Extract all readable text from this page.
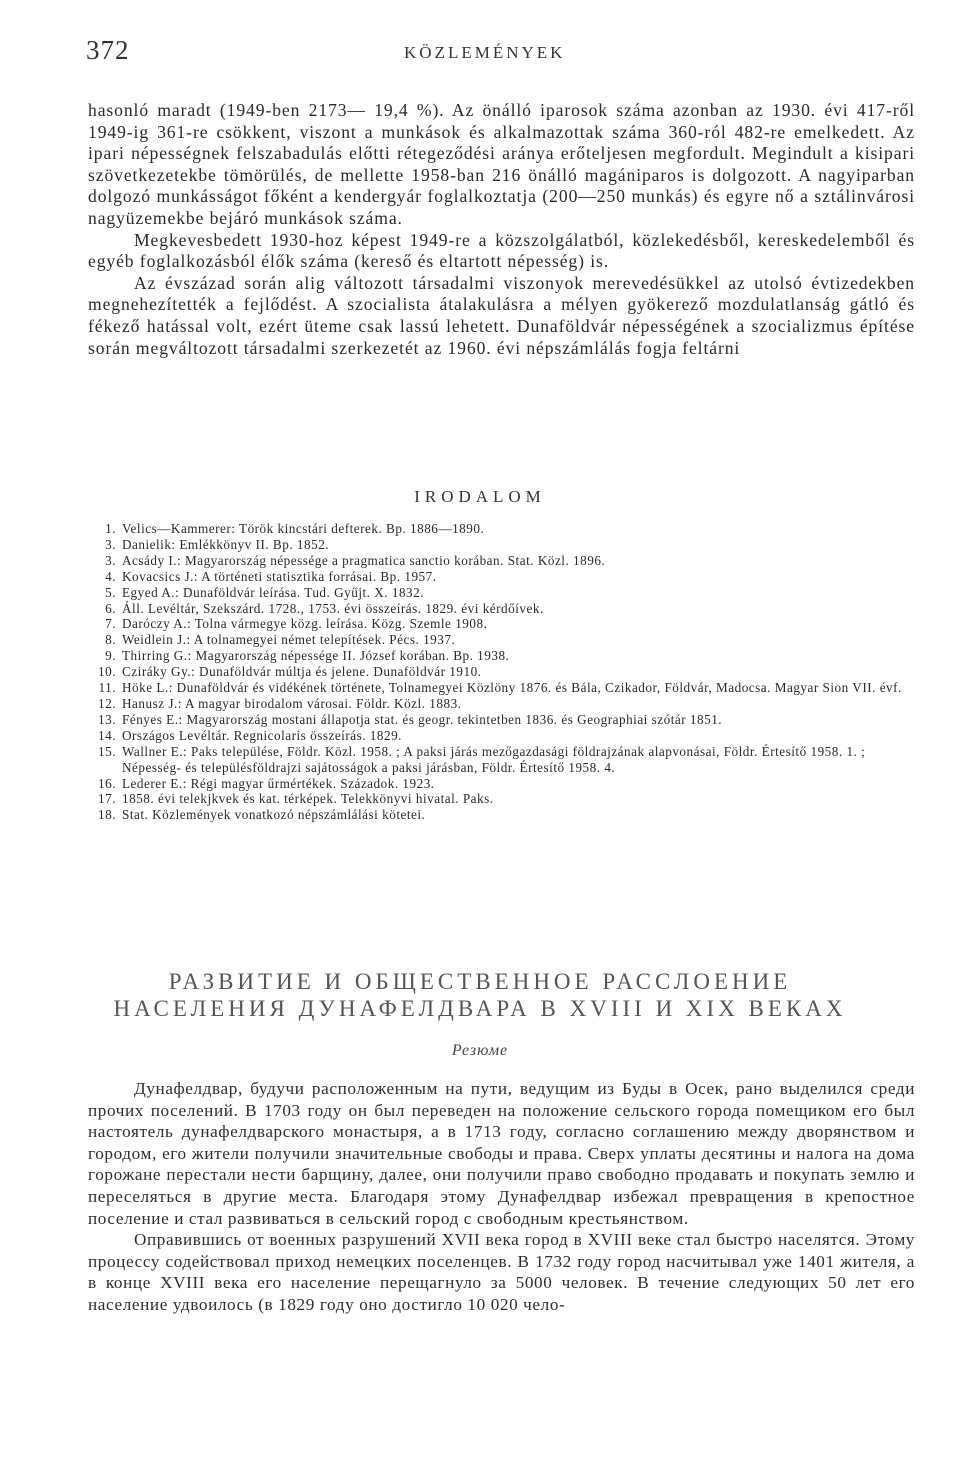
372	KÖZLEMÉNYEK

hasonló maradt (1949-ben 2173— 19,4 %). Az önálló iparosok száma azonban az 1930. évi 417-ről 1949-ig 361-re csökkent, viszont a munkások és alkalmazottak száma 360-ról 482-re emelkedett. Az ipari népességnek felszabadulás előtti rétegeződési aránya erőteljesen megfordult. Megindult a kisipari szövetkezetekbe tömörülés, de mellette 1958-ban 216 önálló magániparos is dolgozott. A nagyiparban dolgozó munkásságot főként a kendergyár foglalkoztatja (200—250 munkás) és egyre nő a sztálinvárosi nagyüzemekbe bejáró munkások száma.

Megkevesbedett 1930-hoz képest 1949-re a közszolgálatból, közlekedésből, kereskedelemből és egyéb foglalkozásból élők száma (kereső és eltartott népesség) is.

Az évszázad során alig változott társadalmi viszonyok merevedésükkel az utolsó évtizedekben megnehezítették a fejlődést. A szocialista átalakulásra a mélyen gyökerező mozdulatlanság gátló és fékező hatással volt, ezért üteme csak lassú lehetett. Dunaföldvár népességének a szocializmus építése során megváltozott társadalmi szerkezetét az 1960. évi népszámlálás fogja feltárni

IRODALOM
1. Velics—Kammerer: Török kincstári defterek. Bp. 1886—1890.
3. Danielik: Emlékkönyv II. Bp. 1852.
3. Acsády I.: Magyarország népessége a pragmatica sanctio korában. Stat. Közl. 1896.
4. Kovacsics J.: A történeti statisztika forrásai. Bp. 1957.
5. Egyed A.: Dunaföldvár leírása. Tud. Gyűjt. X. 1832.
6. Áll. Levéltár, Szekszárd. 1728., 1753. évi összeírás. 1829. évi kérdőívek.
7. Daróczy A.: Tolna vármegye közg. leírása. Közg. Szemle 1908.
8. Weidlein J.: A tolnamegyei német telepítések. Pécs. 1937.
9. Thirring G.: Magyarország népessége II. József korában. Bp. 1938.
10. Cziráky Gy.: Dunaföldvár múltja és jelene. Dunaföldvár 1910.
11. Höke L.: Dunaföldvár és vidékének története, Tolnamegyei Közlöny 1876. és Bála, Czikador, Földvár, Madocsa. Magyar Sion VII. évf.
12. Hanusz J.: A magyar birodalom városai. Földr. Közl. 1883.
13. Fényes E.: Magyarország mostani állapotja stat. és geogr. tekintetben 1836. és Geographiai szótár 1851.
14. Országos Levéltár. Regnicolaris összeírás. 1829.
15. Wallner E.: Paks településе, Földr. Közl. 1958. ; A paksi járás mezőgazdasági földrajzának alapvonásai, Földr. Értesítő 1958. 1. ; Népesség- és településföldrajzi sajátosságok a paksi járásban, Földr. Értesítő 1958. 4.
16. Lederer E.: Régi magyar űrmértékek. Századok. 1923.
17. 1858. évi telekjkvek és kat. térképek. Telekkönyvi hivatal. Paks.
18. Stat. Közlemények vonatkozó népszámlálási kötetei.
РАЗВИТИЕ И ОБЩЕСТВЕННОЕ РАССЛОЕНИЕ
НАСЕЛЕНИЯ ДУНАФЕЛДВАРА В XVIII И XIX ВЕКАХ
Резюме

Дунафелдвар, будучи расположенным на пути, ведущим из Буды в Осек, рано выделился среди прочих поселений. В 1703 году он был переведен на положение сельского города помещиком его был настоятель дунафелдварского монастыря, а в 1713 году, согласно соглашению между дворянством и городом, его жители получили значительные свободы и права. Сверх уплаты десятины и налога на дома горожане перестали нести барщину, далее, они получили право свободно продавать и покупать землю и переселяться в другие места. Благодаря этому Дунафелдвар избежал превращения в крепостное поселение и стал развиваться в сельский город с свободным крестьянством.

Оправившись от военных разрушений XVII века город в XVIII веке стал быстро населятся. Этому процессу содействовал приход немецких поселенцев. В 1732 году город насчитывал уже 1401 жителя, а в конце XVIII века его население перещагнуло за 5000 человек. В течение следующих 50 лет его население удвоилось (в 1829 году оно достигло 10 020 чело-
